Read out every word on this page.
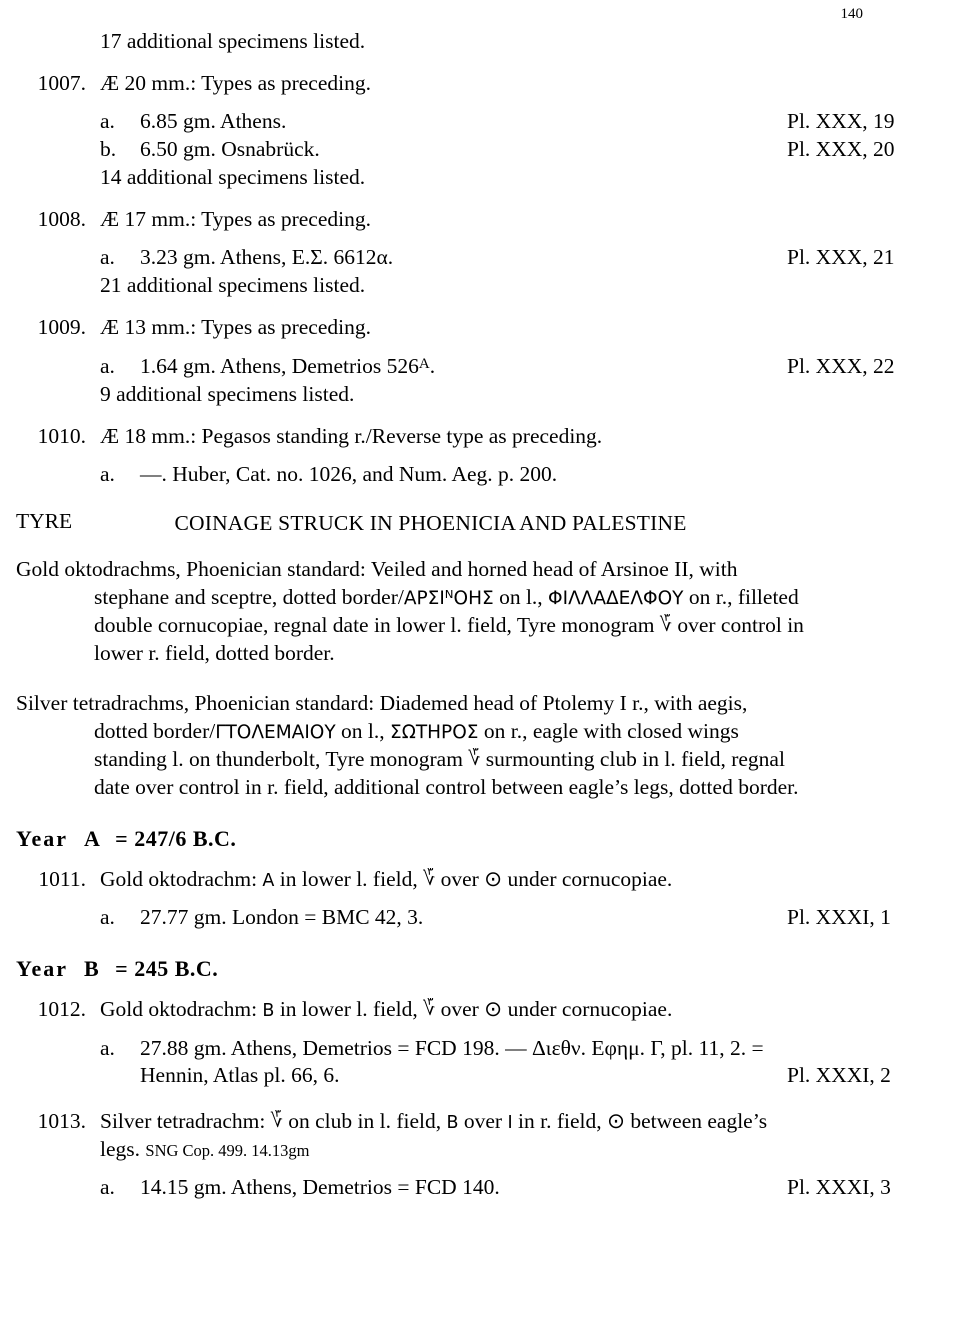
140
17 additional specimens listed.
1007. Æ 20 mm.: Types as preceding.
a.	6.85 gm. Athens.	Pl. XXX, 19
b.	6.50 gm. Osnabrück.	Pl. XXX, 20
14 additional specimens listed.
1008. Æ 17 mm.: Types as preceding.
a.	3.23 gm. Athens, E.Σ. 6612α.	Pl. XXX, 21
21 additional specimens listed.
1009. Æ 13 mm.: Types as preceding.
a.	1.64 gm. Athens, Demetrios $526^A$.	Pl. XXX, 22
9 additional specimens listed.
1010. Æ 18 mm.: Pegasos standing r./Reverse type as preceding.
a.	—. Huber, Cat. no. 1026, and Num. Aeg. p. 200.
COINAGE STRUCK IN PHOENICIA AND PALESTINE
TYRE
Gold oktodrachms, Phoenician standard: Veiled and horned head of Arsinoe II, with
stephane and sceptre, dotted border/ΑΡΣIᴺΟΗΣ on l., ΦIΛΛΑΔΕΛΦΟΥ on r., filleted
double cornucopiae, regnal date in lower l. field, Tyre monogram ؆ over control in
lower r. field, dotted border.
Silver tetradrachms, Phoenician standard: Diademed head of Ptolemy I r., with aegis,
dotted border/ΓΤΟΛΕΜΑIΟΥ on l., ΣΩΤΗΡΟΣ on r., eagle with closed wings
standing l. on thunderbolt, Tyre monogram ؆ surmounting club in l. field, regnal
date over control in r. field, additional control between eagle’s legs, dotted border.
Year A = 247/6 B.C.
1011. Gold oktodrachm: Α in lower l. field, ؆ over ⊙ under cornucopiae.
a.	27.77 gm. London = BMC 42, 3.	Pl. XXXI, 1
Year B = 245 B.C.
1012. Gold oktodrachm: Β in lower l. field, ؆ over ⊙ under cornucopiae.
a.	27.88 gm. Athens, Demetrios = FCD 198. — Διεθν. Εφημ. Γ, pl. 11, 2. =
Hennin, Atlas pl. 66, 6.	Pl. XXXI, 2
1013. Silver tetradrachm: ؆ on club in l. field, Β over I in r. field, ⊙ between eagle’s

legs. SNG Cop. 499. 14.13gm
a.	14.15 gm. Athens, Demetrios = FCD 140.	Pl. XXXI, 3
